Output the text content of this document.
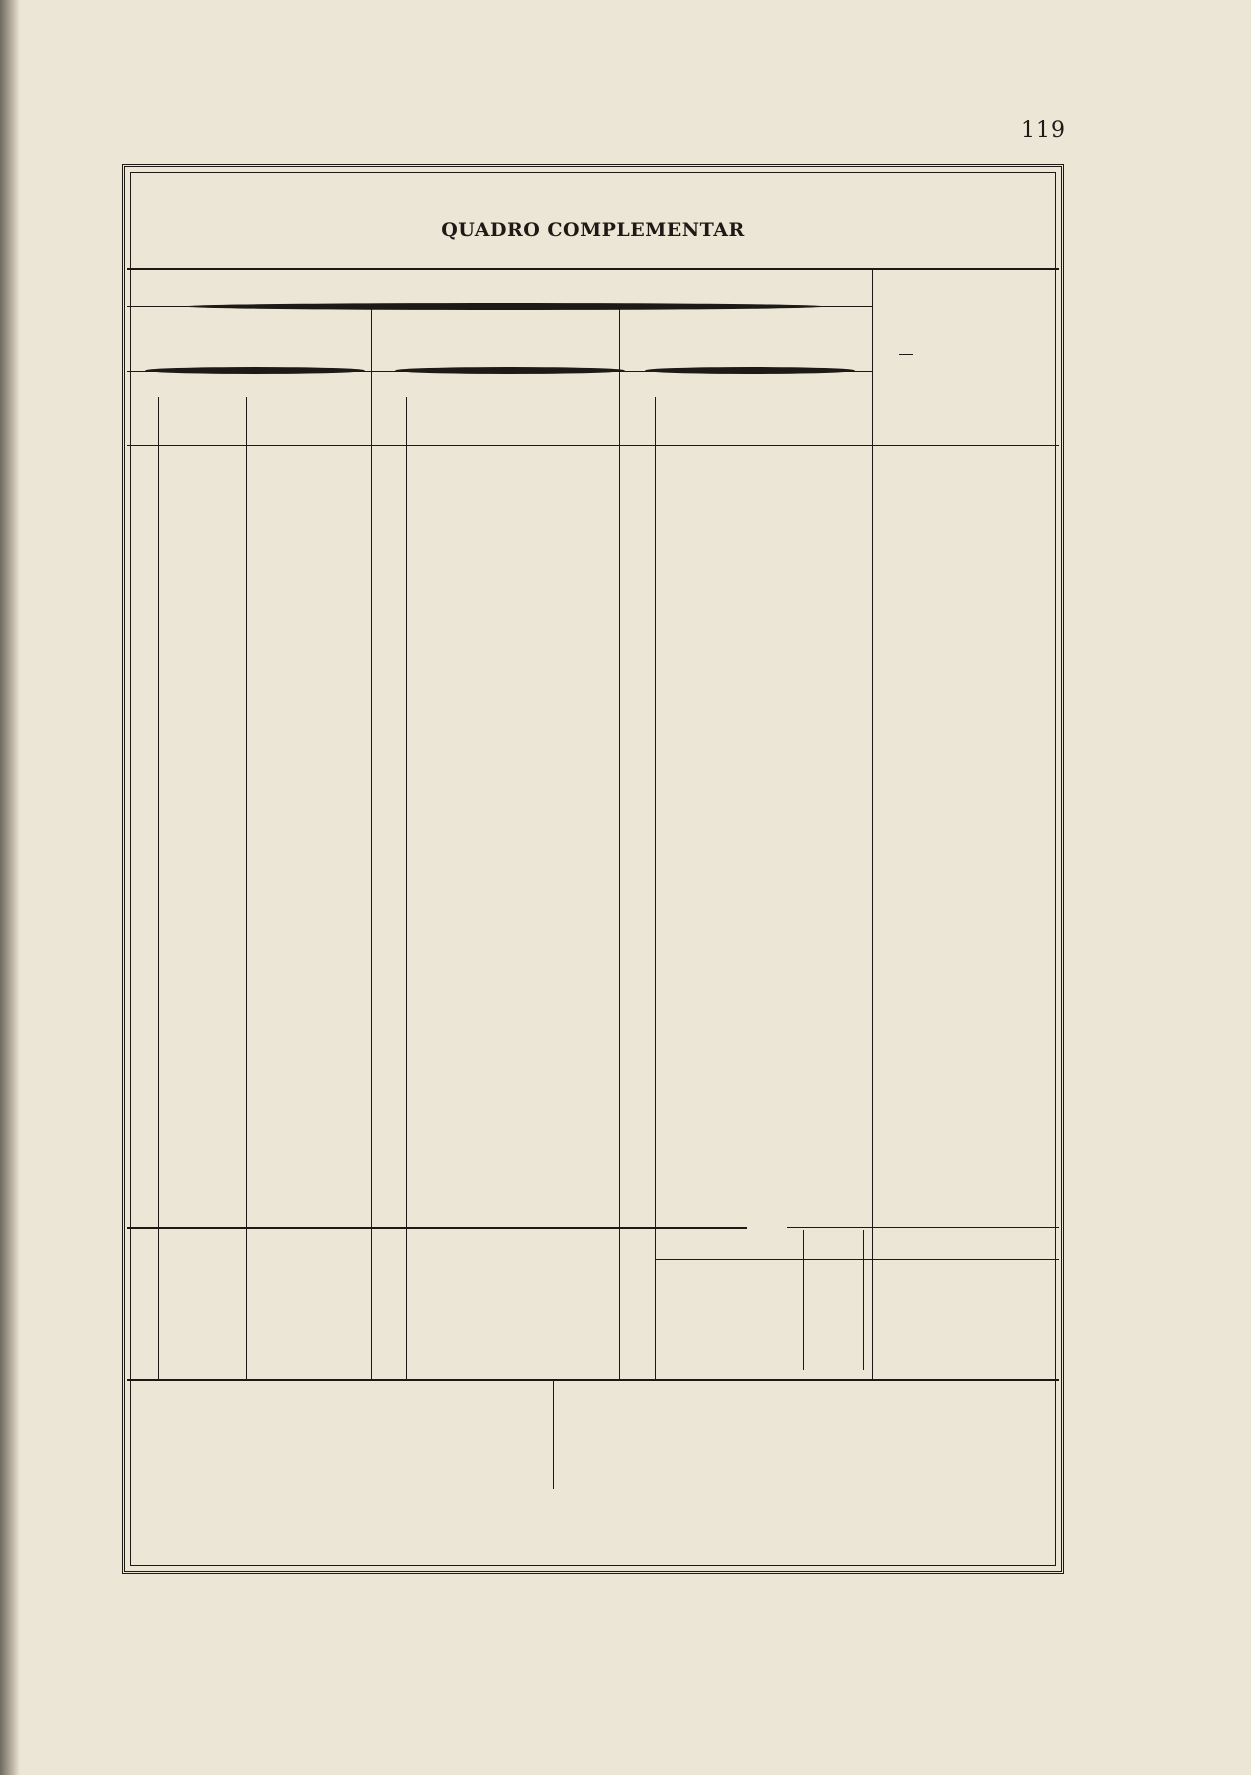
119
QUADRO COMPLEMENTAR
